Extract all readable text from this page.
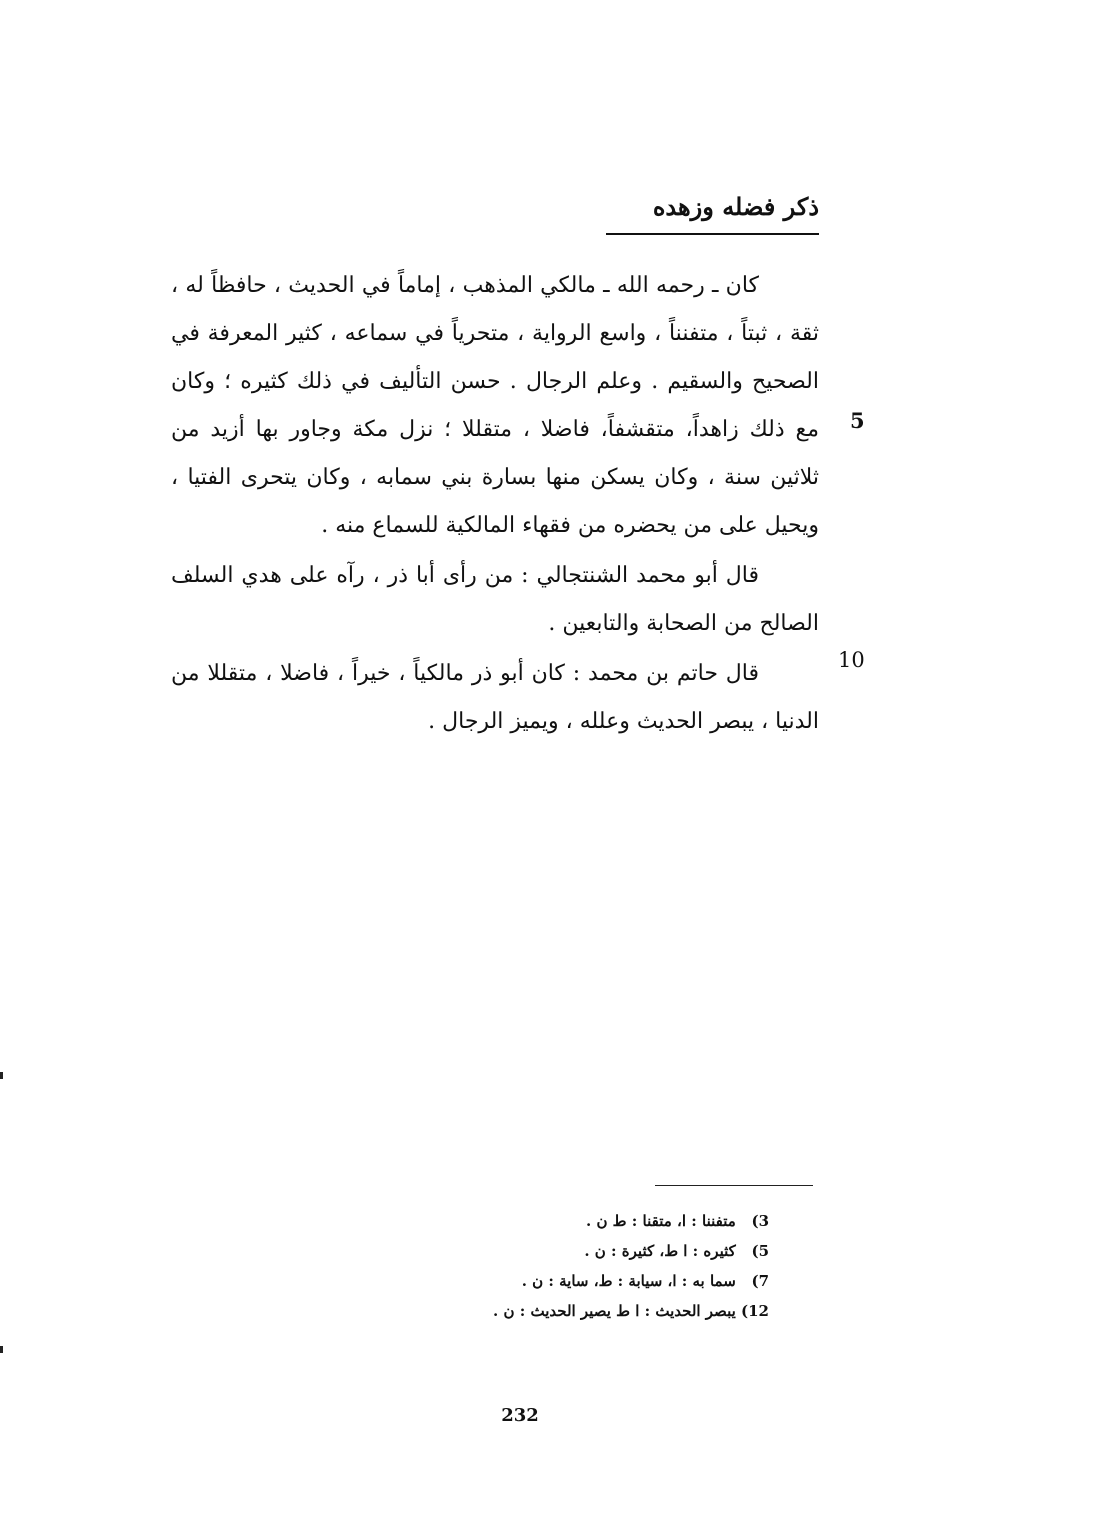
ذكر فضله وزهده

كان ـ رحمه الله ـ مالكي المذهب ، إماماً في الحديث ، حافظاً له ، ثقة ، ثبتاً ، متفنناً ، واسع الرواية ، متحرياً في سماعه ، كثير المعرفة في الصحيح والسقيم . وعلم الرجال . حسن التأليف في ذلك كثيره ؛ وكان مع ذلك زاهداً، متقشفاً، فاضلا ، متقللا ؛ نزل مكة وجاور بها أزيد من ثلاثين سنة ، وكان يسكن منها بسارة بني سمابه ، وكان يتحرى الفتيا ، ويحيل على من يحضره من فقهاء المالكية للسماع منه .

قال أبو محمد الشنتجالي : من رأى أبا ذر ، رآه على هدي السلف الصالح من الصحابة والتابعين .

قال حاتم بن محمد : كان أبو ذر مالكياً ، خيراً ، فاضلا ، متقللا من الدنيا ، يبصر الحديث وعلله ، ويميز الرجال .

5
10
3) متفننا : ا، متقنا : ط ن .
5) كثيره : ا ط، كثيرة : ن .
7) سما به : ا، سيابة : ط، ساية : ن .
12) يبصر الحديث : ا ط يصير الحديث : ن .
232
